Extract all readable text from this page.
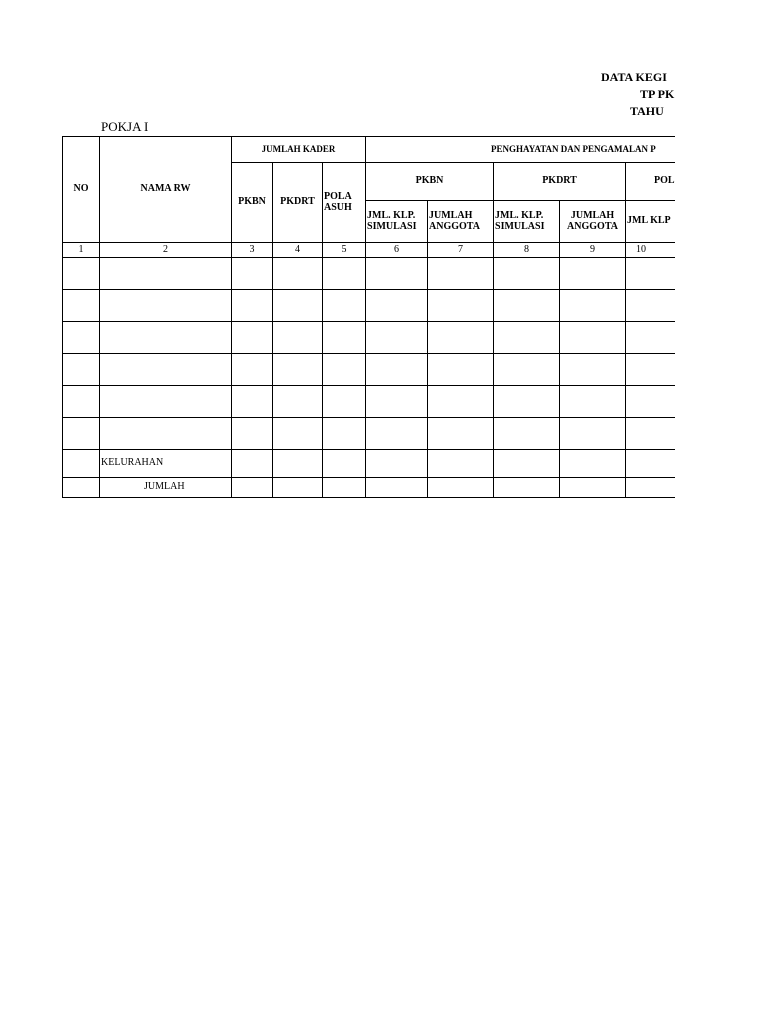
DATA KEGI
TP PK
TAHU
POKJA I
NO	NAMA RW	JUMLAH KADER			PENGHAYATAN DAN PENGAMALAN P					
		PKBN	PKDRT	POLA ASUH	PKBN		PKDRT		POL	
					JML. KLP. SIMULASI	JUMLAH ANGGOTA	JML. KLP. SIMULASI	JUMLAH ANGGOTA	JML KLP	
1	2	3	4	5	6	7	8	9	10	

	KELURAHAN									
	JUMLAH									
